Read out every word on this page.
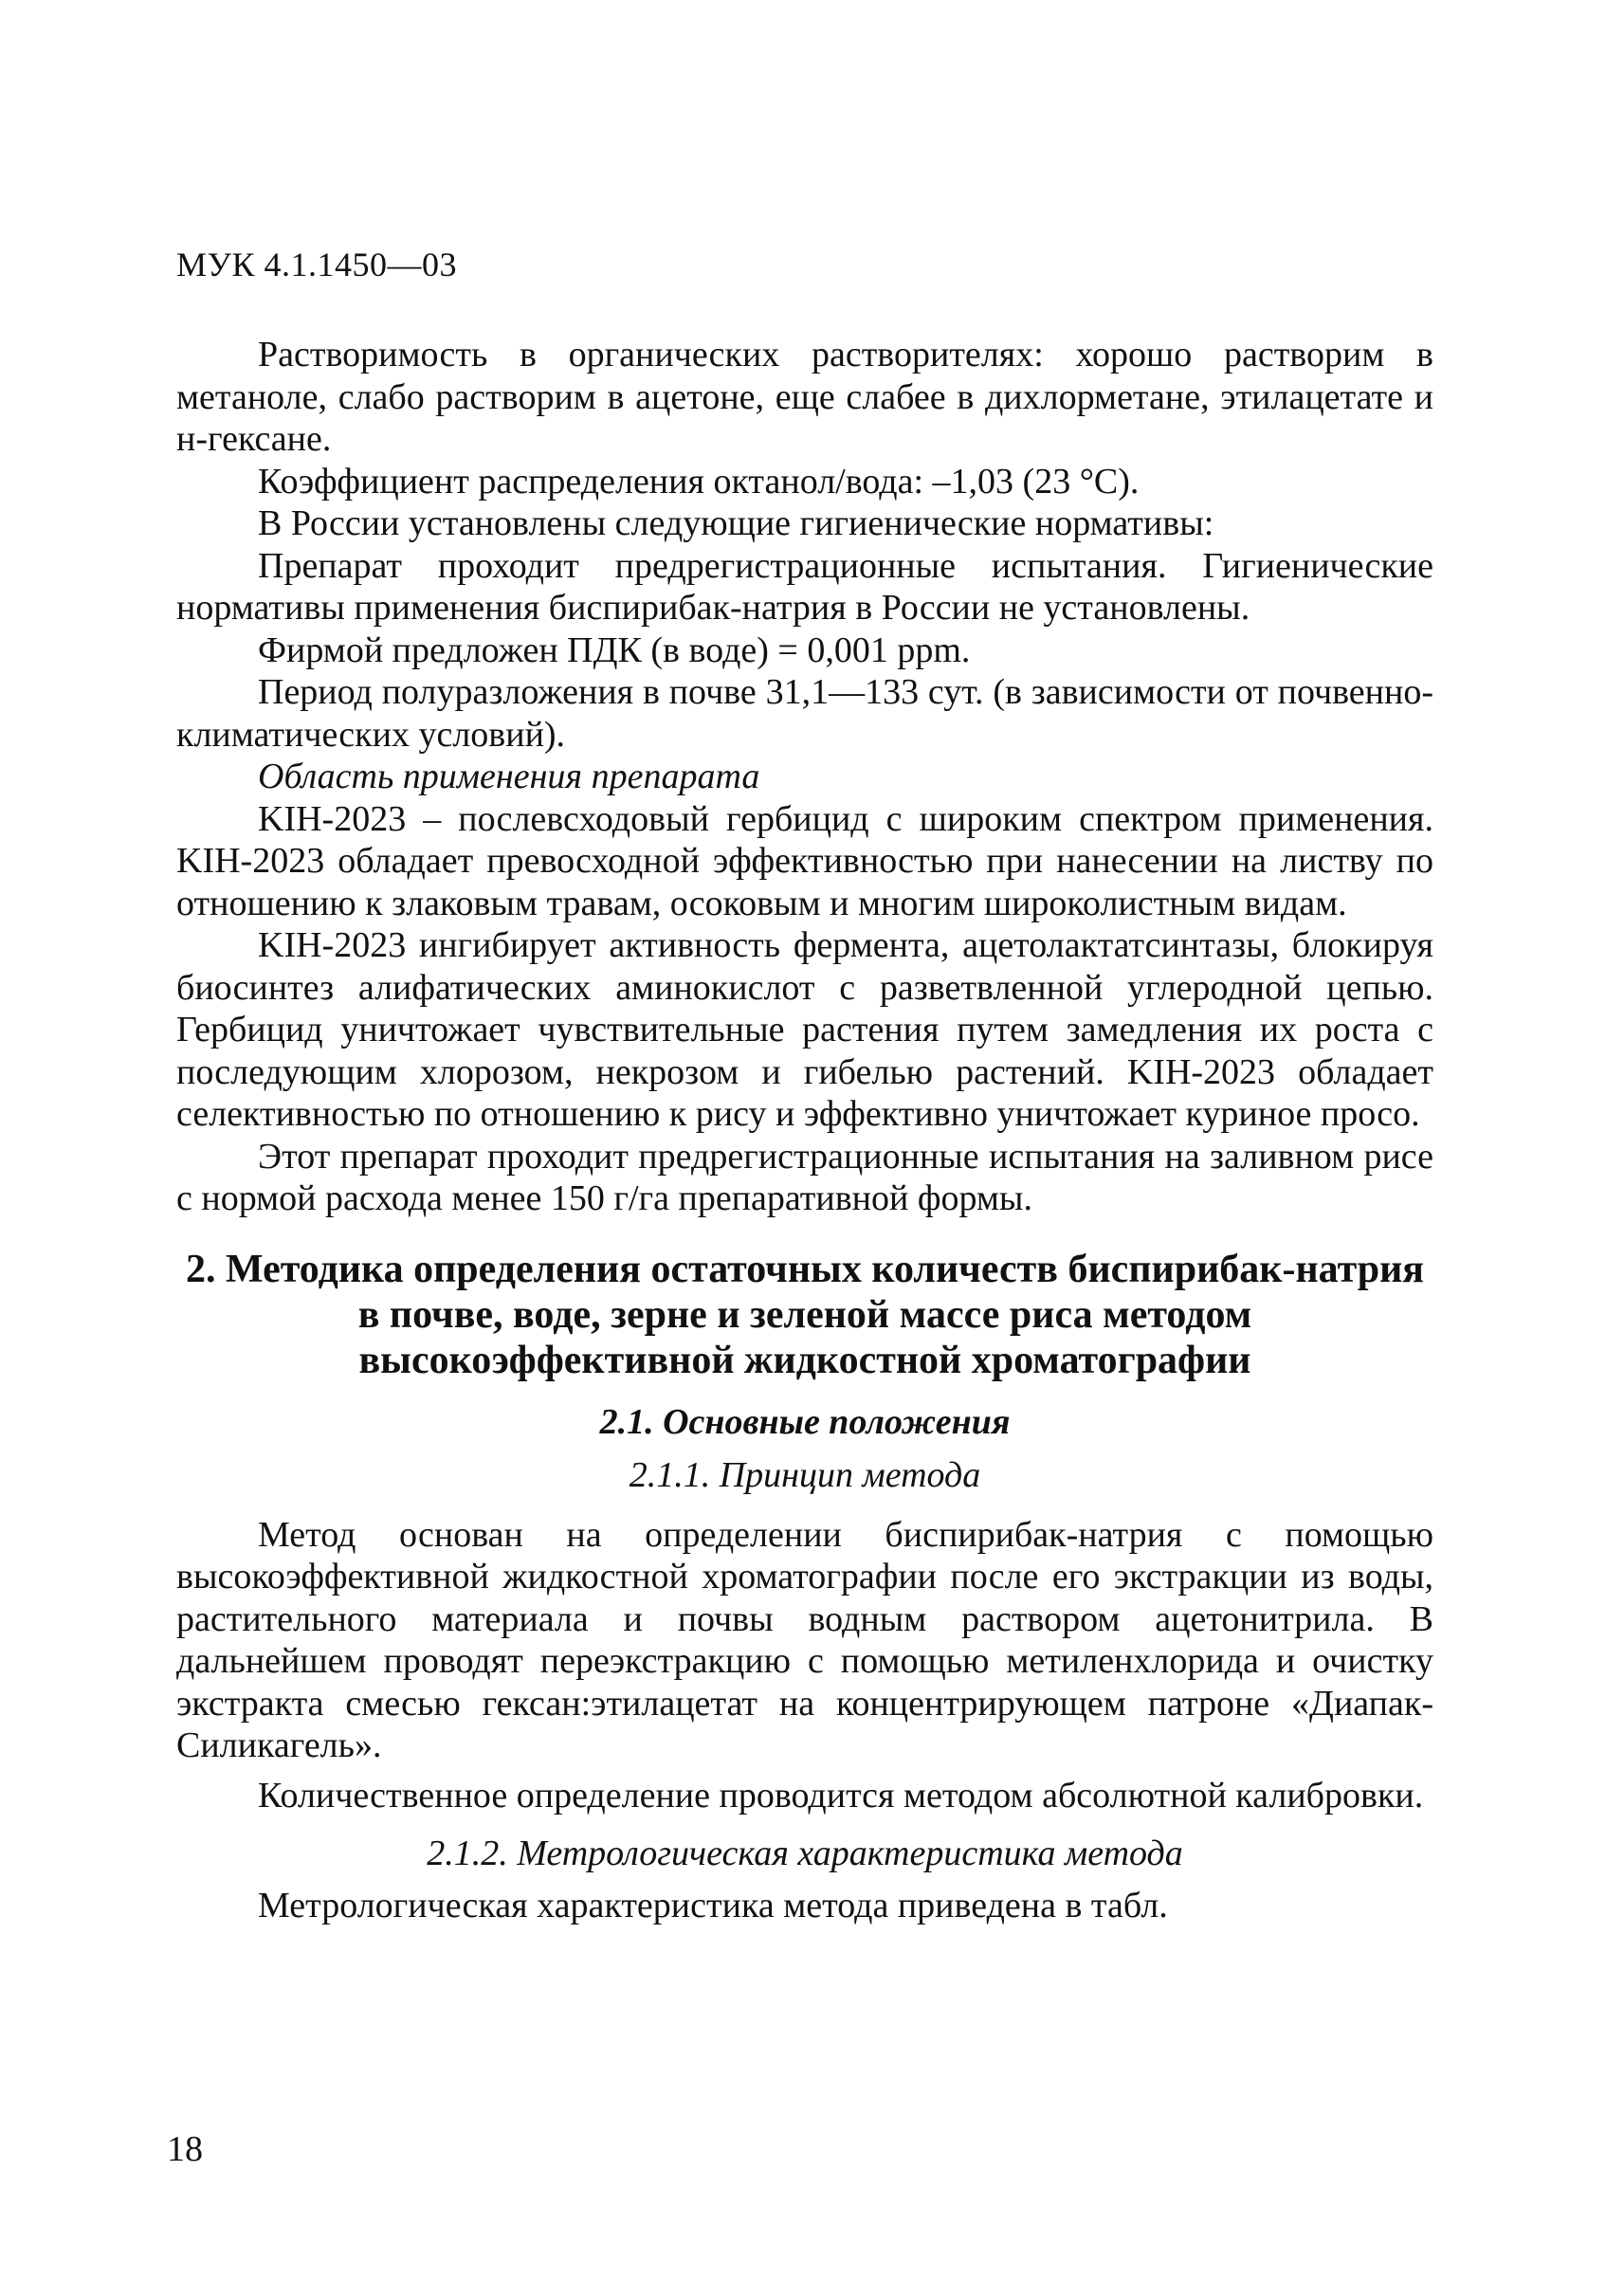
МУК 4.1.1450—03

Растворимость в органических растворителях: хорошо растворим в метаноле, слабо растворим в ацетоне, еще слабее в дихлорметане, этилацетате и н-гексане.

Коэффициент распределения октанол/вода: –1,03 (23 °С).

В России установлены следующие гигиенические нормативы:

Препарат проходит предрегистрационные испытания. Гигиенические нормативы применения биспирибак-натрия в России не установлены.

Фирмой предложен ПДК (в воде) = 0,001 ppm.

Период полуразложения в почве 31,1—133 сут. (в зависимости от почвенно-климатических условий).

Область применения препарата

KIH-2023 – послевсходовый гербицид с широким спектром применения. KIH-2023 обладает превосходной эффективностью при нанесении на листву по отношению к злаковым травам, осоковым и многим широколистным видам.

KIH-2023 ингибирует активность фермента, ацетолактатсинтазы, блокируя биосинтез алифатических аминокислот с разветвленной углеродной цепью. Гербицид уничтожает чувствительные растения путем замедления их роста с последующим хлорозом, некрозом и гибелью растений. KIH-2023 обладает селективностью по отношению к рису и эффективно уничтожает куриное просо.

Этот препарат проходит предрегистрационные испытания на заливном рисе с нормой расхода менее 150 г/га препаративной формы.

2. Методика определения остаточных количеств биспирибак-натрия в почве, воде, зерне и зеленой массе риса методом высокоэффективной жидкостной хроматографии
2.1. Основные положения
2.1.1. Принцип метода

Метод основан на определении биспирибак-натрия с помощью высокоэффективной жидкостной хроматографии после его экстракции из воды, растительного материала и почвы водным раствором ацетонитрила. В дальнейшем проводят переэкстракцию с помощью метиленхлорида и очистку экстракта смесью гексан:этилацетат на концентрирующем патроне «Диапак-Силикагель».

Количественное определение проводится методом абсолютной калибровки.

2.1.2. Метрологическая характеристика метода

Метрологическая характеристика метода приведена в табл.

18
